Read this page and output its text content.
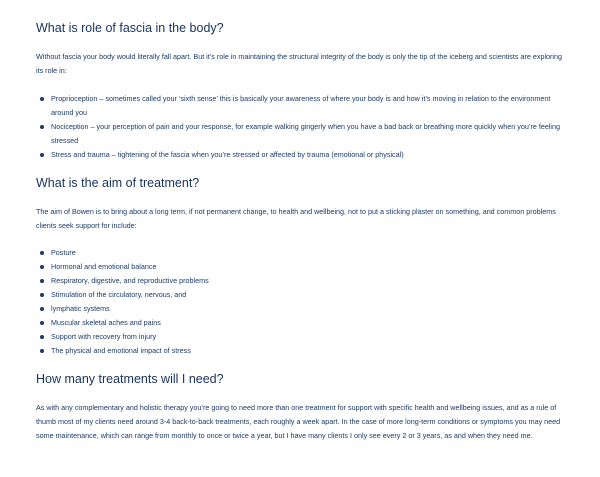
What is role of fascia in the body?

Without fascia your body would literally fall apart. But it’s role in maintaining the structural integrity of the body is only the tip of the iceberg and scientists are exploring its role in:

Proprioception – sometimes called your ‘sixth sense’ this is basically your awareness of where your body is and how it’s moving in relation to the environment around you
Nociception – your perception of pain and your response, for example walking gingerly when you have a bad back or breathing more quickly when you’re feeling stressed
Stress and trauma – tightening of the fascia when you’re stressed or affected by trauma (emotional or physical)
What is the aim of treatment?

The aim of Bowen is to bring about a long term, if not permanent change, to health and wellbeing, not to put a sticking plaster on something, and common problems clients seek support for include:

Posture
Hormonal and emotional balance
Respiratory, digestive, and reproductive problems
Stimulation of the circulatory, nervous, and
lymphatic systems
Muscular skeletal aches and pains
Support with recovery from injury
The physical and emotional impact of stress
How many treatments will I need?

As with any complementary and holistic therapy you’re going to need more than one treatment for support with specific health and wellbeing issues, and as a rule of thumb most of my clients need around 3-4 back-to-back treatments, each roughly a week apart. In the case of more long-term conditions or symptoms you may need some maintenance, which can range from monthly to once or twice a year, but I have many clients I only see every 2 or 3 years, as and when they need me.
